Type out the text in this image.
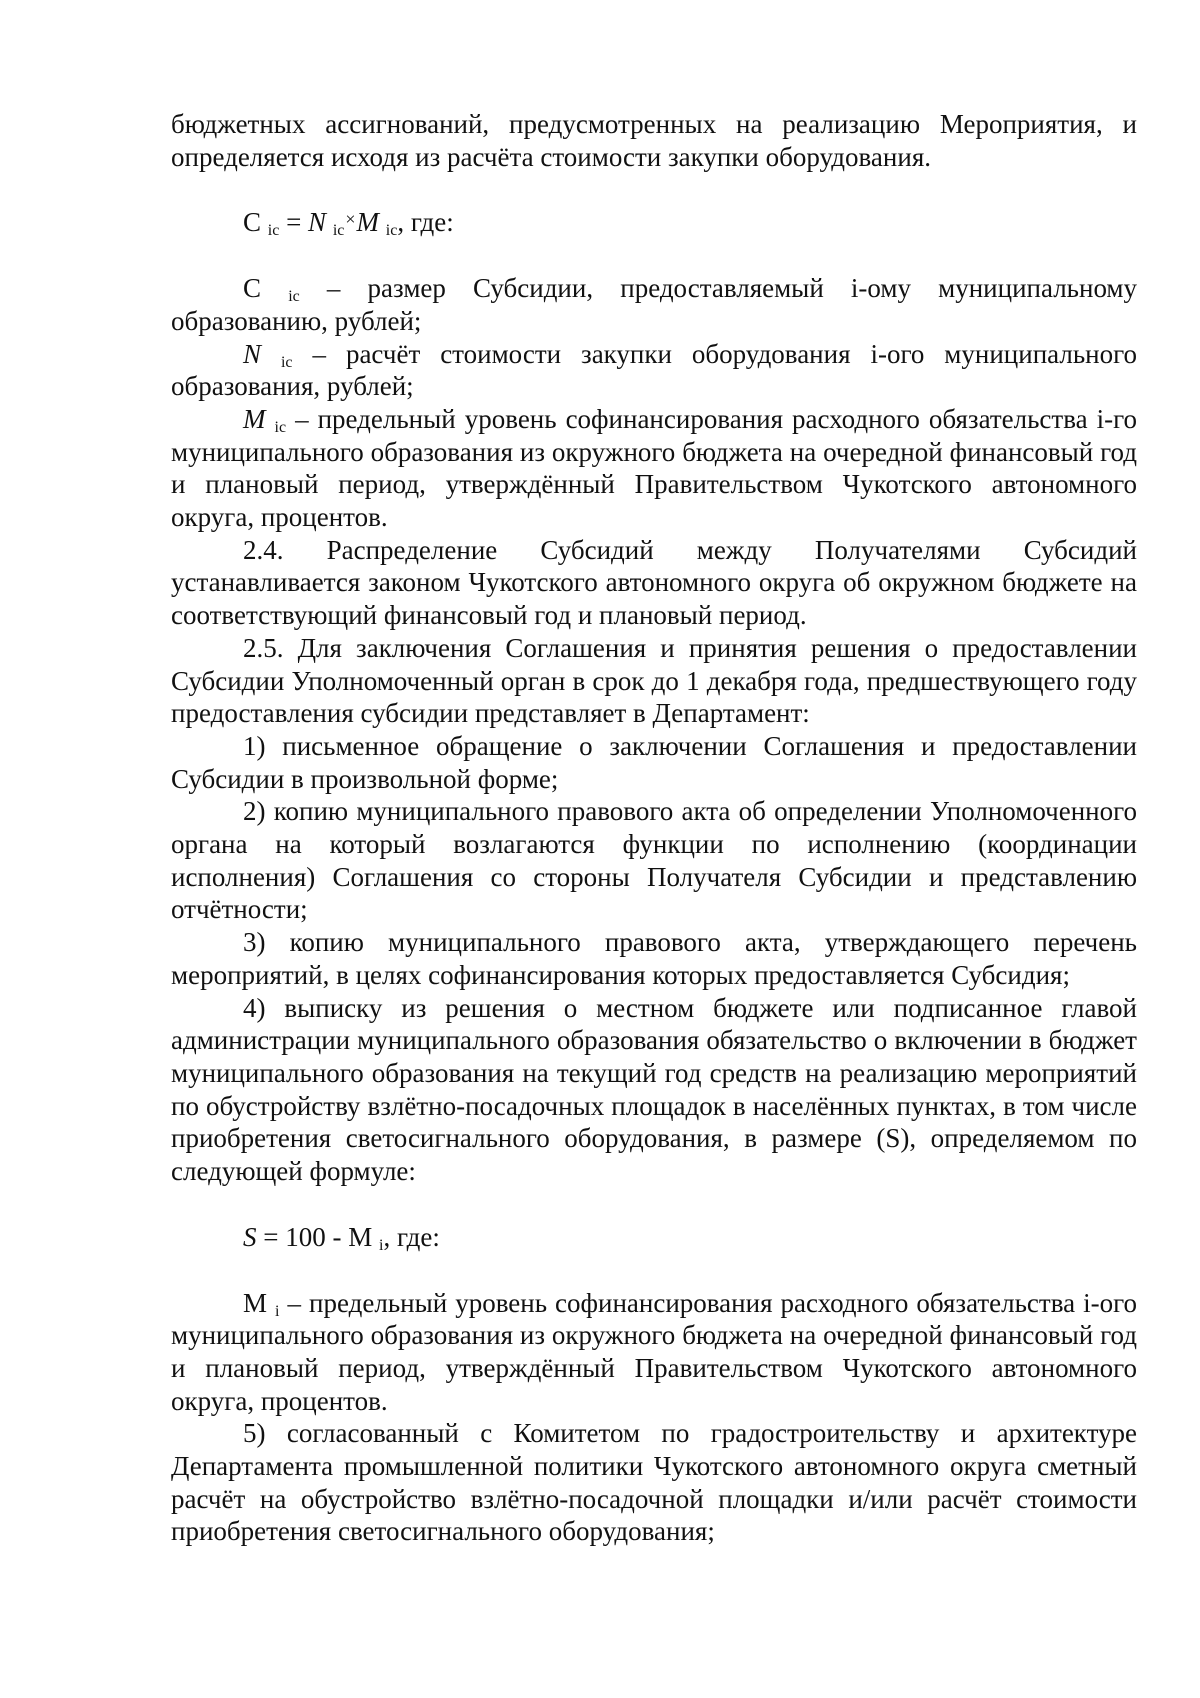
бюджетных ассигнований, предусмотренных на реализацию Мероприятия, и

определяется исходя из расчёта стоимости закупки оборудования.

С $_{ic}$ = N $_{ic}$×M $_{ic}$, где:

С $_{ic}$ – размер Субсидии, предоставляемый i-ому муниципальному образованию, рублей;

N $_{ic}$ – расчёт стоимости закупки оборудования i-ого муниципального образования, рублей;

M $_{ic}$ – предельный уровень софинансирования расходного обязательства i-го муниципального образования из окружного бюджета на очередной финансовый год и плановый период, утверждённый Правительством Чукотского автономного округа, процентов.

2.4. Распределение Субсидий между Получателями Субсидий устанавливается законом Чукотского автономного округа об окружном бюджете на соответствующий финансовый год и плановый период.

2.5. Для заключения Соглашения и принятия решения о предоставлении Субсидии Уполномоченный орган в срок до 1 декабря года, предшествующего году предоставления субсидии представляет в Департамент:

1) письменное обращение о заключении Соглашения и предоставлении Субсидии в произвольной форме;

2) копию муниципального правового акта об определении Уполномоченного органа на который возлагаются функции по исполнению (координации исполнения) Соглашения со стороны Получателя Субсидии и представлению отчётности;

3) копию муниципального правового акта, утверждающего перечень мероприятий, в целях софинансирования которых предоставляется Субсидия;

4) выписку из решения о местном бюджете или подписанное главой администрации муниципального образования обязательство о включении в бюджет муниципального образования на текущий год средств на реализацию мероприятий по обустройству взлётно-посадочных площадок в населённых пунктах, в том числе приобретения светосигнального оборудования, в размере (S), определяемом по следующей формуле:

S = 100 - M $_i$, где:

M $_i$ – предельный уровень софинансирования расходного обязательства i-ого муниципального образования из окружного бюджета на очередной финансовый год и плановый период, утверждённый Правительством Чукотского автономного округа, процентов.

5) согласованный с Комитетом по градостроительству и архитектуре Департамента промышленной политики Чукотского автономного округа сметный расчёт на обустройство взлётно-посадочной площадки и/или расчёт стоимости приобретения светосигнального оборудования;
